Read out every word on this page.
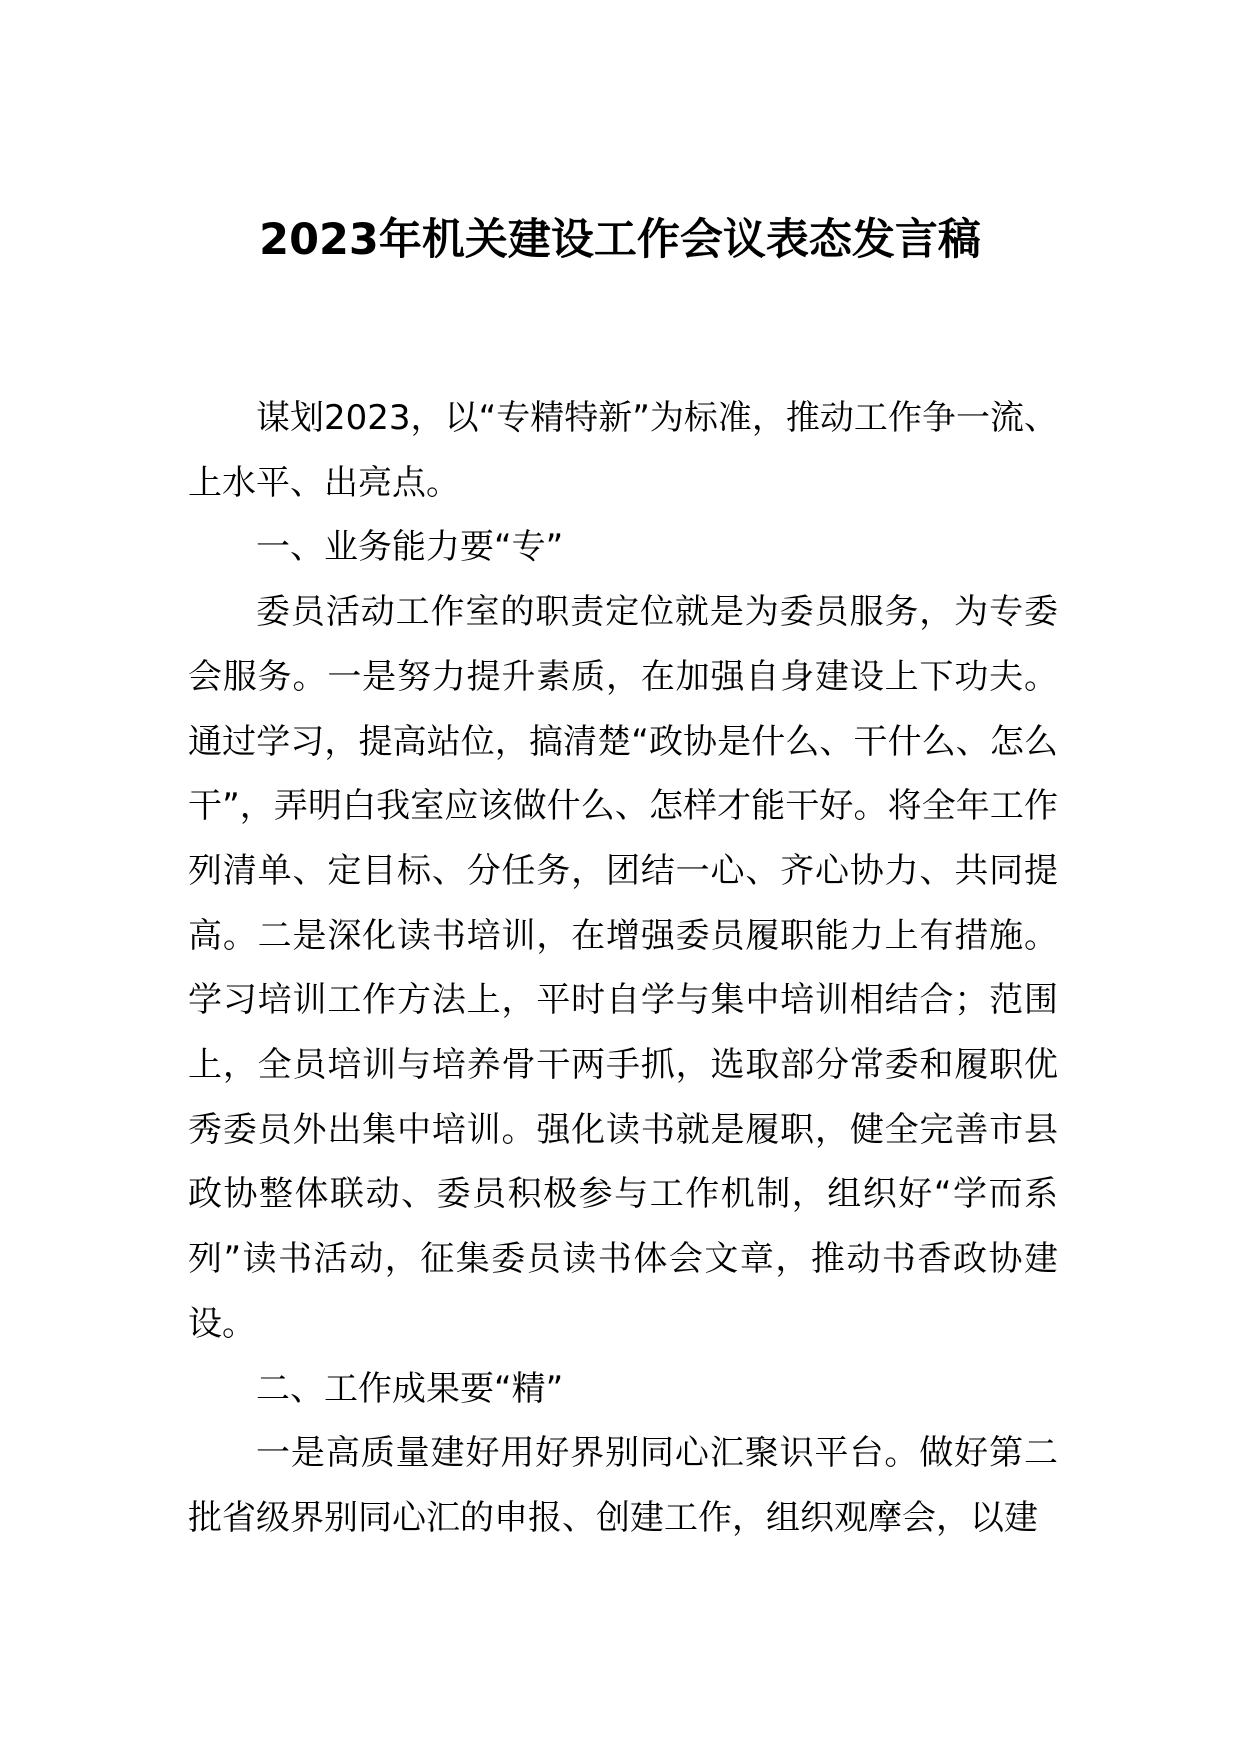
2023年机关建设工作会议表态发言稿

谋划2023，以“专精特新”为标准，推动工作争一流、上水平、出亮点。

一、业务能力要“专”

委员活动工作室的职责定位就是为委员服务，为专委会服务。一是努力提升素质，在加强自身建设上下功夫。通过学习，提高站位，搞清楚“政协是什么、干什么、怎么干”，弄明白我室应该做什么、怎样才能干好。将全年工作列清单、定目标、分任务，团结一心、齐心协力、共同提高。二是深化读书培训，在增强委员履职能力上有措施。学习培训工作方法上，平时自学与集中培训相结合；范围上，全员培训与培养骨干两手抓，选取部分常委和履职优秀委员外出集中培训。强化读书就是履职，健全完善市县政协整体联动、委员积极参与工作机制，组织好“学而系列”读书活动，征集委员读书体会文章，推动书香政协建设。

二、工作成果要“精”

一是高质量建好用好界别同心汇聚识平台。做好第二批省级界别同心汇的申报、创建工作，组织观摩会，以建
